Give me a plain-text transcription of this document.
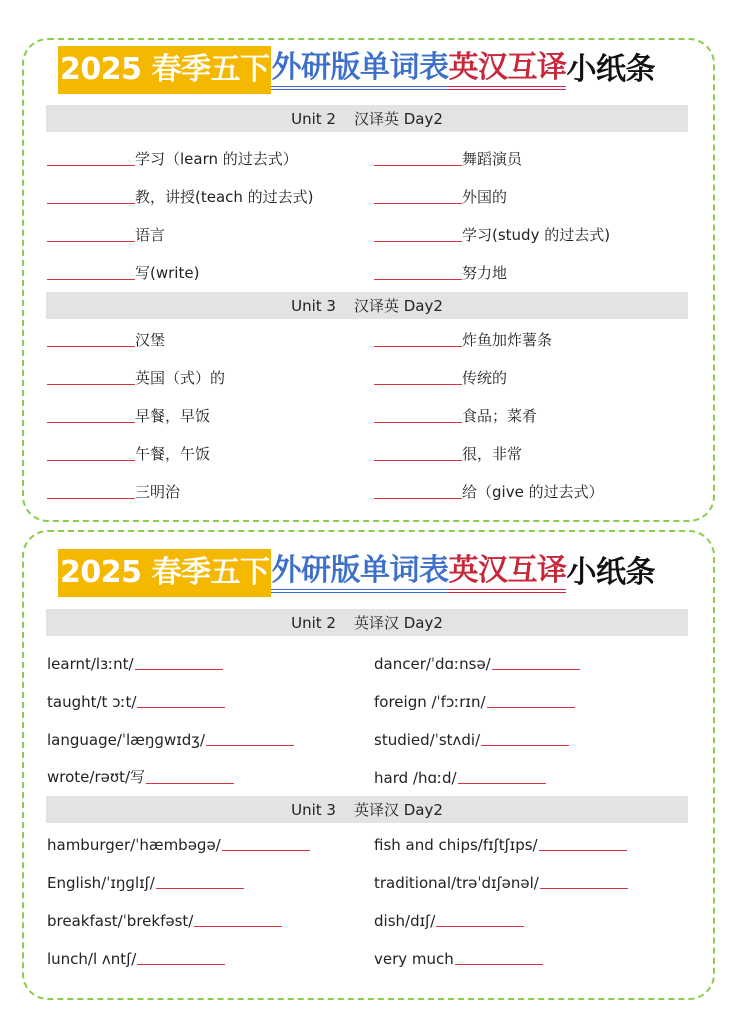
2025 春季五下 外研版单词表 英汉互译 小纸条
Unit 2 汉译英 Day2
学习（learn 的过去式）
教，讲授(teach 的过去式)
语言
写(write)
舞蹈演员
外国的
学习(study 的过去式)
努力地
Unit 3 汉译英 Day2
汉堡
英国（式）的
早餐，早饭
午餐，午饭
三明治
炸鱼加炸薯条
传统的
食品；菜肴
很，非常
给（give 的过去式）
2025 春季五下 外研版单词表 英汉互译 小纸条
Unit 2 英译汉 Day2
learnt/lɜːnt/
taught/t ɔːt/
language/ˈlæŋɡwɪdʒ/
wrote/rəʊt/写
dancer/ˈdɑːnsə/
foreign /ˈfɔːrɪn/
studied/ˈstʌdi/
hard /hɑːd/
Unit 3 英译汉 Day2
hamburger/ˈhæmbəɡə/
English/ˈɪŋɡlɪʃ/
breakfast/ˈbrekfəst/
lunch/l ʌntʃ/
fish and chips/fɪʃtʃɪps/
traditional/trəˈdɪʃənəl/
dish/dɪʃ/
very much
